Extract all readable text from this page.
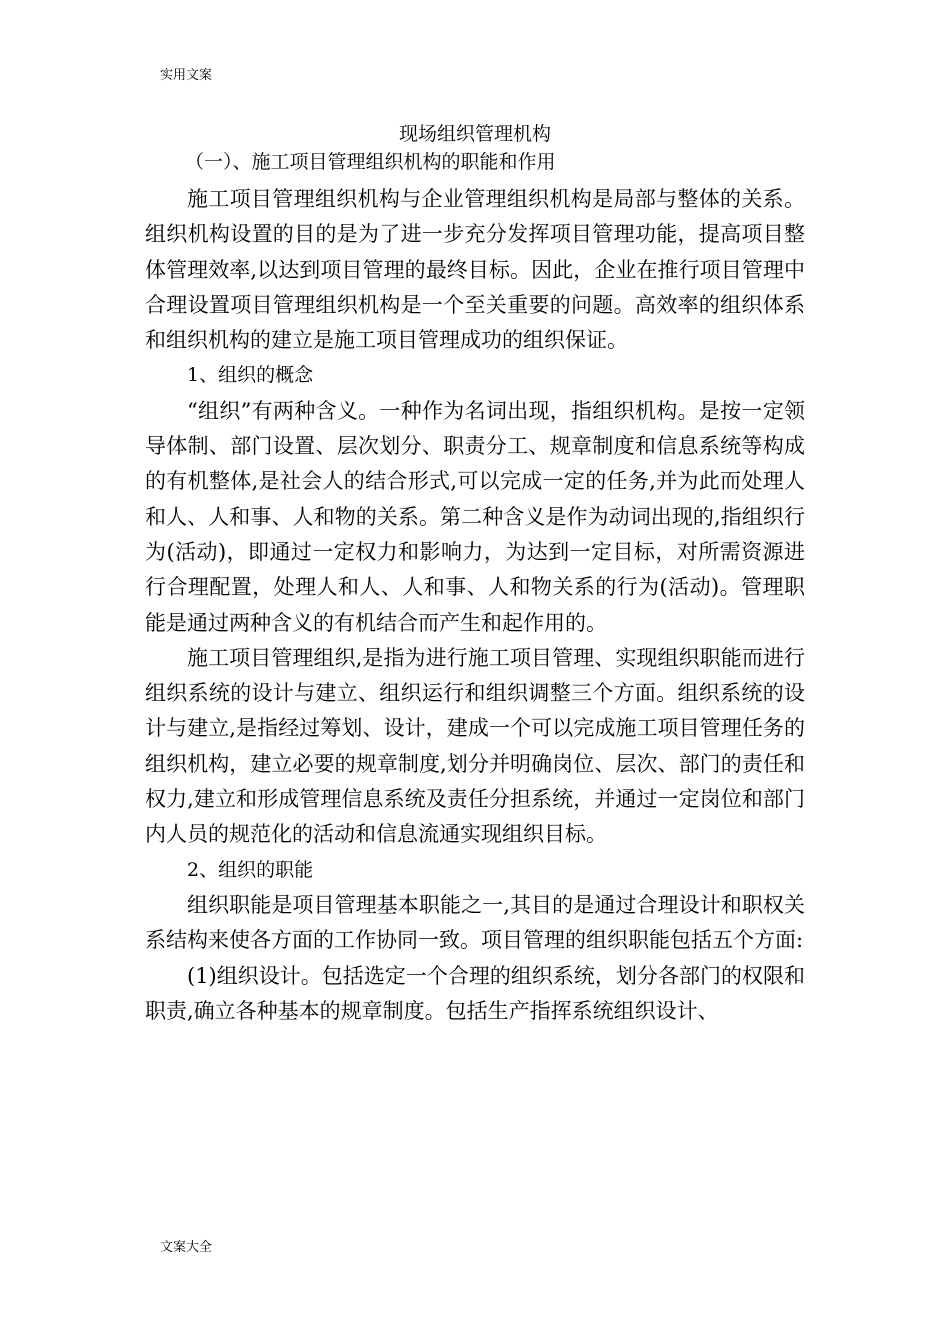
实用文案
现场组织管理机构
（一）、施工项目管理组织机构的职能和作用

施工项目管理组织机构与企业管理组织机构是局部与整体的关系。组织机构设置的目的是为了进一步充分发挥项目管理功能，提高项目整体管理效率,以达到项目管理的最终目标。因此，企业在推行项目管理中合理设置项目管理组织机构是一个至关重要的问题。高效率的组织体系和组织机构的建立是施工项目管理成功的组织保证。

1、组织的概念

“组织”有两种含义。一种作为名词出现，指组织机构。是按一定领导体制、部门设置、层次划分、职责分工、规章制度和信息系统等构成的有机整体,是社会人的结合形式,可以完成一定的任务,并为此而处理人和人、人和事、人和物的关系。第二种含义是作为动词出现的,指组织行为(活动)，即通过一定权力和影响力，为达到一定目标，对所需资源进行合理配置，处理人和人、人和事、人和物关系的行为(活动)。管理职能是通过两种含义的有机结合而产生和起作用的。

施工项目管理组织,是指为进行施工项目管理、实现组织职能而进行组织系统的设计与建立、组织运行和组织调整三个方面。组织系统的设计与建立,是指经过筹划、设计，建成一个可以完成施工项目管理任务的组织机构，建立必要的规章制度,划分并明确岗位、层次、部门的责任和权力,建立和形成管理信息系统及责任分担系统，并通过一定岗位和部门内人员的规范化的活动和信息流通实现组织目标。

2、组织的职能

组织职能是项目管理基本职能之一,其目的是通过合理设计和职权关系结构来使各方面的工作协同一致。项目管理的组织职能包括五个方面:

(1)组织设计。包括选定一个合理的组织系统，划分各部门的权限和职责,确立各种基本的规章制度。包括生产指挥系统组织设计、

文案大全
